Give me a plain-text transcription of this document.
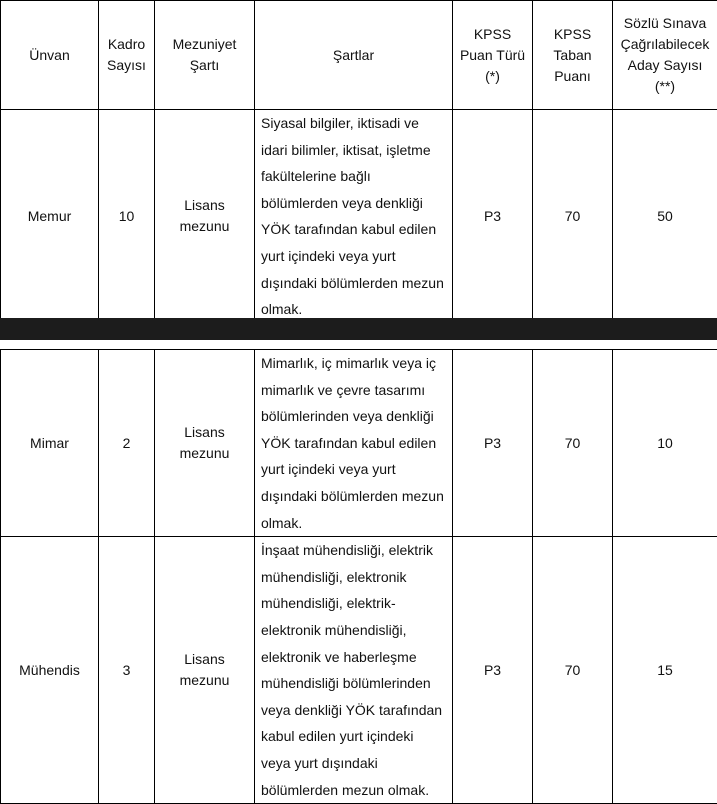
Ünvan	Kadro Sayısı	Mezuniyet Şartı	Şartlar	KPSS Puan Türü (*)	KPSS Taban Puanı	Sözlü Sınava Çağrılabilecek Aday Sayısı (**)
Memur	10	Lisans mezunu	Siyasal bilgiler, iktisadi ve idari bilimler, iktisat, işletme fakültelerine bağlı bölümlerden veya denkliği YÖK tarafından kabul edilen yurt içindeki veya yurt dışındaki bölümlerden mezun olmak.	P3	70	50
Mimar	2	Lisans mezunu	Mimarlık, iç mimarlık veya iç mimarlık ve çevre tasarımı bölümlerinden veya denkliği YÖK tarafından kabul edilen yurt içindeki veya yurt dışındaki bölümlerden mezun olmak.	P3	70	10
Mühendis	3	Lisans mezunu	İnşaat mühendisliği, elektrik mühendisliği, elektronik mühendisliği, elektrik-elektronik mühendisliği, elektronik ve haberleşme mühendisliği bölümlerinden veya denkliği YÖK tarafından kabul edilen yurt içindeki veya yurt dışındaki bölümlerden mezun olmak.	P3	70	15
